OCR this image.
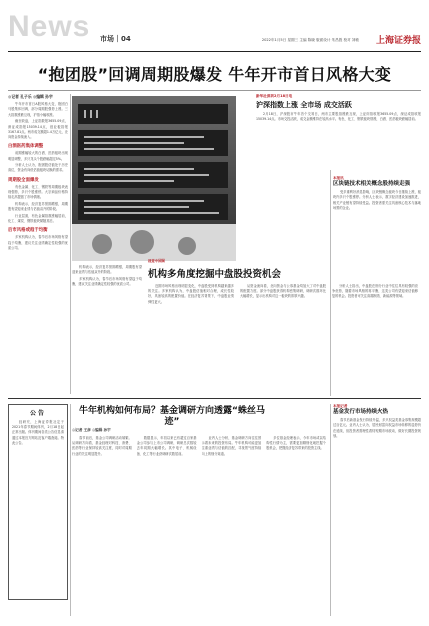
News 市场｜04	2022年1月5日 星期三 主编 陈晓 版面设计 朱昌胜 校对 刘敏 上海证券报
“抱团股”回调周期股爆发 牛年开市首日风格大变
◎记者 孔子乐 ◎编辑 孙宇

牛年开市首日A股风格大变，抱团白马股集体回调，部分周期股强势上涨。三大指数涨跌互现，沪指小幅收涨。

截至收盘，上证指数报3655.09点，深证成指报15039.14点，创业板指报3167.81点。两市成交额超1.4万亿元，北向资金持续流入。

白酒医药集体调整

前期涨幅较大的白酒、医药板块出现明显调整，多只龙头个股跌幅超过5%。

分析人士认为，抱团股估值处于历史高位，资金有向低估值板块切换的需求。

周期股全面爆发

有色金属、化工、钢铁等周期板块表现强势，多只个股涨停。大宗商品价格持续走高提振了市场情绪。

机构表示，经济复苏预期增强，周期股有望迎来业绩与估值双升的阶段。

行业层面，有色金属指数涨幅居前，化工、煤炭、钢铁板块紧随其后。

后市风格或趋于均衡

多家机构认为，春节后市场风格有望趋于均衡，建议关注业绩确定性较强的优质公司。

新华社深圳2月18日电
沪深指数上涨 全市场 成交活跃

2月18日，沪深股市牛年首个交易日，两市主要股指涨跌互现，上证综指收报3655.09点，深证成指收报15039.14点。市场交投活跃，成交金额维持在较高水平。有色、化工、钢铁板块领涨，白酒、医药板块跌幅居前。

本报讯
区块链技术相关概念股持续走强

受多重利好消息影响，区块链概念板块今日继续上涨，板块内多只个股涨停。分析人士表示，数字经济建设加速推进，相关产业链有望持续受益。投资者需关注具备核心技术与落地场景的企业。

视觉中国图
机构多角度挖掘中盘股投资机会

近期市场风格出现明显变化，中盘股受到机构越来越多的关注。多家机构认为，中盘股估值相对合理，成长性较好，具备较高的配置价值。在经济复苏背景下，中盘股业绩弹性更大。

从资金流向看，北向资金与公募基金均加大了对中盘股的配置力度。部分中盘股获得机构密集调研，调研次数环比大幅增长，显示出机构对这一板块的浓厚兴趣。

分析人士指出，中盘股在细分行业中往往具有较强的竞争优势，随着市场风格的再平衡，这类公司有望迎来估值修复的机会。投资者可关注高端制造、新能源等领域。

机构表示，经济复苏预期增强，周期股有望迎来业绩与估值双升的阶段。

多家机构认为，春节后市场风格有望趋于均衡，建议关注业绩确定性较强的优质公司。

公告

经研究，上海证券报社定于2021年春节期间休刊，2月18日起正常出版。休刊期间各类公告信息请通过本报官方网站及客户端查阅。特此公告。

牛年机构如何布局？基金调研方向透露“蛛丝马迹”
◎记者 王彦 ◎编辑 孙宇

春节前后，基金公司调研活动频繁。从调研方向看，基金经理对科技、消费、医药等行业保持较高关注度，同时对周期行业的关注明显提升。

数据显示，年初以来已有超过百家基金公司参与上市公司调研，调研总次数较去年同期大幅增长。其中电子、机械设备、化工等行业获调研次数居前。

业内人士分析，基金调研方向往往预示着未来的投资布局。牛年机构可能更加注重业绩与估值的匹配，寻找景气度持续向上的细分赛道。

多位基金经理表示，今年市场或以结构性行情为主，需要更加精细化地挖掘个股机会，把握经济复苏带来的投资主线。

本报记者
基金发行市场持续火热

春节后新基金发行持续升温，多只权益类基金募集规模超过百亿元。业内人士认为，居民财富向权益市场转移的趋势仍在延续，但投资者需理性看待短期市场波动，做好长期投资规划。
